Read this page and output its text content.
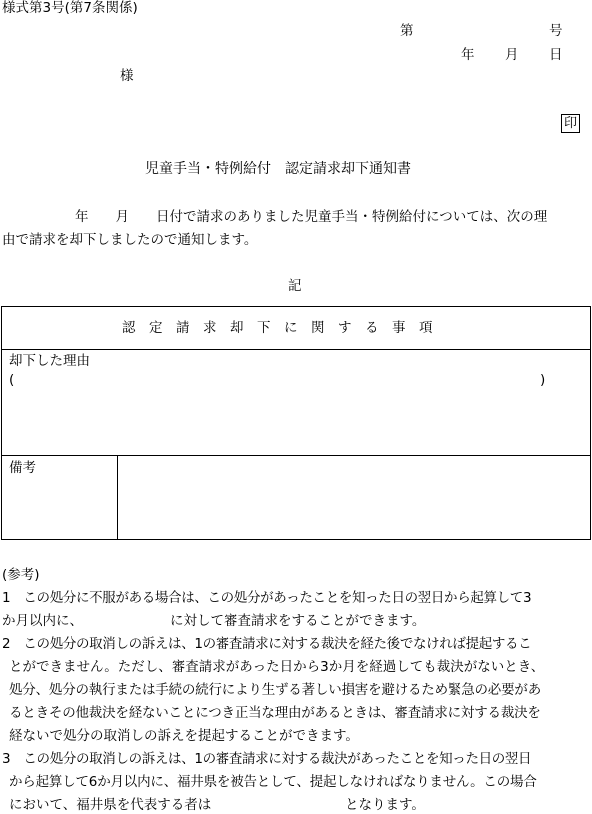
様式第3号(第7条関係)
第	号
年 月 日
様
印
児童手当・特例給付　認定請求却下通知書
年　　月　　日付で請求のありました児童手当・特例給付については、次の理
由で請求を却下しましたので通知します。
記
認　定　請　求　却　下　に　関　す　る　事　項
却下した理由
(	)
備考
(参考)
1　この処分に不服がある場合は、この処分があったことを知った日の翌日から起算して3
か月以内に、	に対して審査請求をすることができます。
2　この処分の取消しの訴えは、1の審査請求に対する裁決を経た後でなければ提起するこ
とができません。ただし、審査請求があった日から3か月を経過しても裁決がないとき、
処分、処分の執行または手続の続行により生ずる著しい損害を避けるため緊急の必要があ
るときその他裁決を経ないことにつき正当な理由があるときは、審査請求に対する裁決を
経ないで処分の取消しの訴えを提起することができます。
3　この処分の取消しの訴えは、1の審査請求に対する裁決があったことを知った日の翌日
から起算して6か月以内に、福井県を被告として、提起しなければなりません。この場合
において、福井県を代表する者は	となります。
